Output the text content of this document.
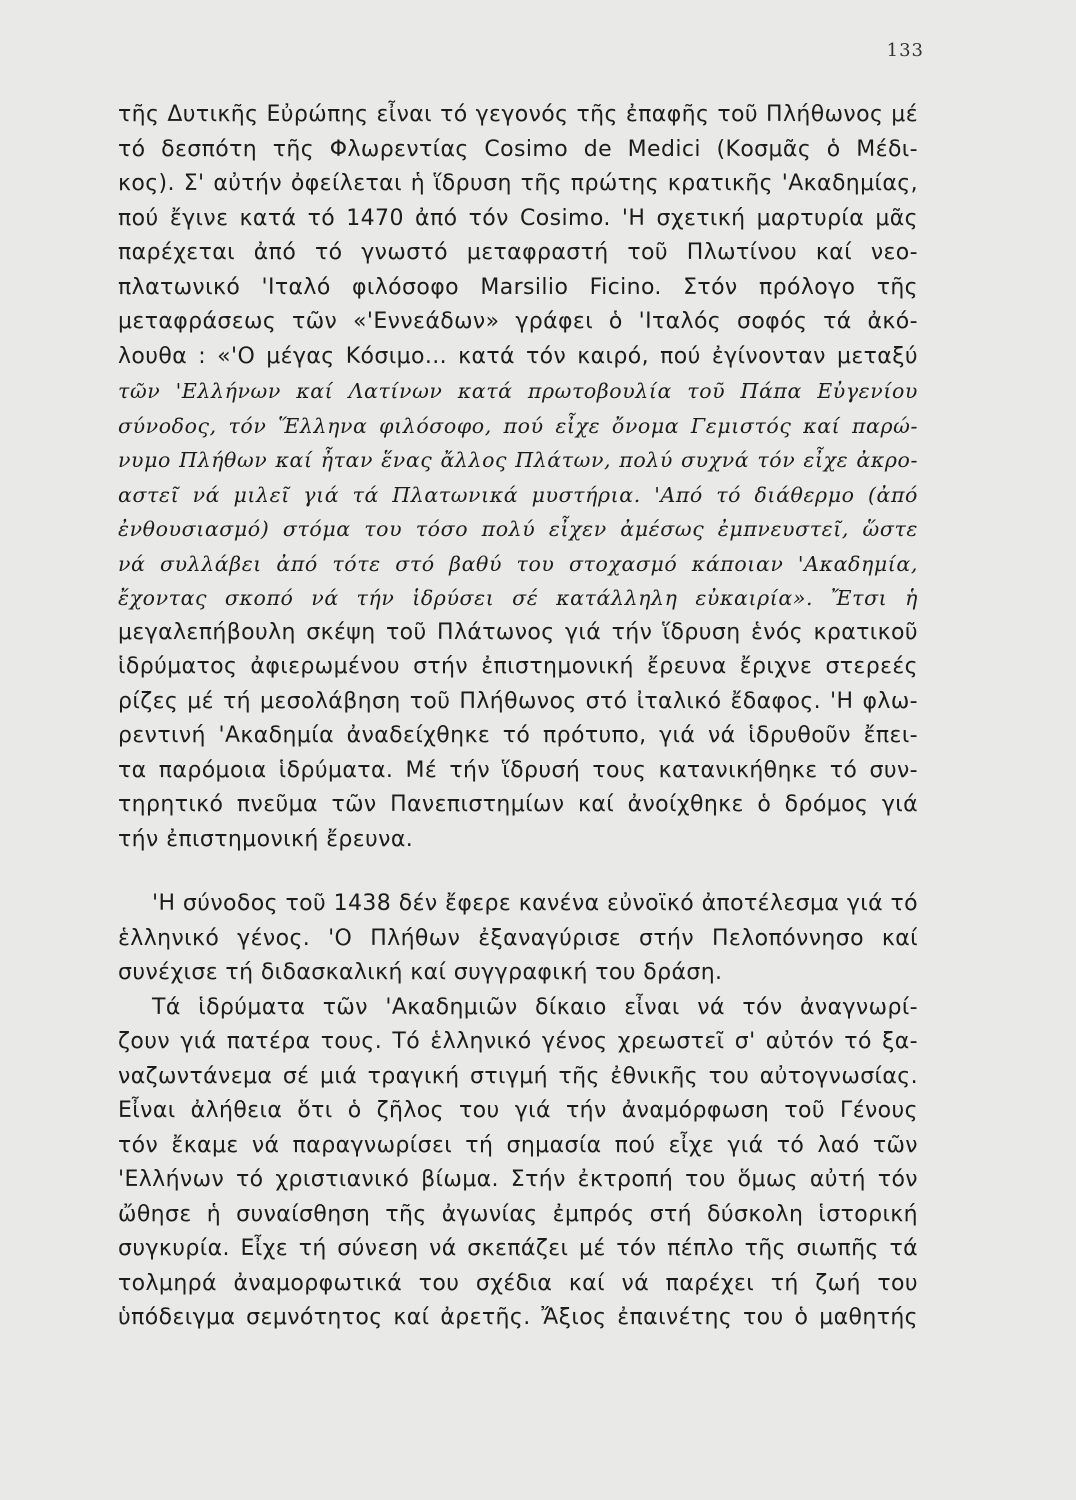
133
τῆς Δυτικῆς Εὐρώπης εἶναι τό γεγονός τῆς ἐπαφῆς τοῦ Πλήθωνος μέ
τό δεσπότη τῆς Φλωρεντίας Cosimo de Medici (Κοσμᾶς ὁ Μέδι-
κος). Σ' αὐτήν ὀφείλεται ἡ ἵδρυση τῆς πρώτης κρατικῆς 'Ακαδημίας,
πού ἔγινε κατά τό 1470 ἀπό τόν Cosimo. 'Η σχετική μαρτυρία μᾶς
παρέχεται ἀπό τό γνωστό μεταφραστή τοῦ Πλωτίνου καί νεο-
πλατωνικό 'Ιταλό φιλόσοφο Marsilio Ficino. Στόν πρόλογο τῆς
μεταφράσεως τῶν «'Εννεάδων» γράφει ὁ 'Ιταλός σοφός τά ἀκό-
λουθα : «'Ο μέγας Κόσιμο... κατά τόν καιρό, πού ἐγίνονταν μεταξύ
τῶν 'Ελλήνων καί Λατίνων κατά πρωτοβουλία τοῦ Πάπα Εὐγενίου
σύνοδος, τόν Ἕλληνα φιλόσοφο, πού εἶχε ὄνομα Γεμιστός καί παρώ-
νυμο Πλήθων καί ἦταν ἕνας ἄλλος Πλάτων, πολύ συχνά τόν εἶχε ἀκρο-
αστεῖ νά μιλεῖ γιά τά Πλατωνικά μυστήρια. 'Από τό διάθερμο (ἀπό
ἐνθουσιασμό) στόμα του τόσο πολύ εἶχεν ἀμέσως ἐμπνευστεῖ, ὥστε
νά συλλάβει ἀπό τότε στό βαθύ του στοχασμό κάποιαν 'Ακαδημία,
ἔχοντας σκοπό νά τήν ἱδρύσει σέ κατάλληλη εὐκαιρία». Ἔτσι ἡ
μεγαλεπήβουλη σκέψη τοῦ Πλάτωνος γιά τήν ἵδρυση ἑνός κρατικοῦ
ἱδρύματος ἀφιερωμένου στήν ἐπιστημονική ἔρευνα ἔριχνε στερεές
ρίζες μέ τή μεσολάβηση τοῦ Πλήθωνος στό ἰταλικό ἔδαφος. 'Η φλω-
ρεντινή 'Ακαδημία ἀναδείχθηκε τό πρότυπο, γιά νά ἱδρυθοῦν ἔπει-
τα παρόμοια ἱδρύματα. Μέ τήν ἵδρυσή τους κατανικήθηκε τό συν-
τηρητικό πνεῦμα τῶν Πανεπιστημίων καί ἀνοίχθηκε ὁ δρόμος γιά
τήν ἐπιστημονική ἔρευνα.
'Η σύνοδος τοῦ 1438 δέν ἔφερε κανένα εὐνοϊκό ἀποτέλεσμα γιά τό
ἑλληνικό γένος. 'Ο Πλήθων ἐξαναγύρισε στήν Πελοπόννησο καί
συνέχισε τή διδασκαλική καί συγγραφική του δράση.
Τά ἱδρύματα τῶν 'Ακαδημιῶν δίκαιο εἶναι νά τόν ἀναγνωρί-
ζουν γιά πατέρα τους. Τό ἑλληνικό γένος χρεωστεῖ σ' αὐτόν τό ξα-
ναζωντάνεμα σέ μιά τραγική στιγμή τῆς ἐθνικῆς του αὐτογνωσίας.
Εἶναι ἀλήθεια ὅτι ὁ ζῆλος του γιά τήν ἀναμόρφωση τοῦ Γένους
τόν ἔκαμε νά παραγνωρίσει τή σημασία πού εἶχε γιά τό λαό τῶν
'Ελλήνων τό χριστιανικό βίωμα. Στήν ἐκτροπή του ὅμως αὐτή τόν
ὤθησε ἡ συναίσθηση τῆς ἀγωνίας ἐμπρός στή δύσκολη ἱστορική
συγκυρία. Εἶχε τή σύνεση νά σκεπάζει μέ τόν πέπλο τῆς σιωπῆς τά
τολμηρά ἀναμορφωτικά του σχέδια καί νά παρέχει τή ζωή του
ὑπόδειγμα σεμνότητος καί ἀρετῆς. Ἄξιος ἐπαινέτης του ὁ μαθητής
